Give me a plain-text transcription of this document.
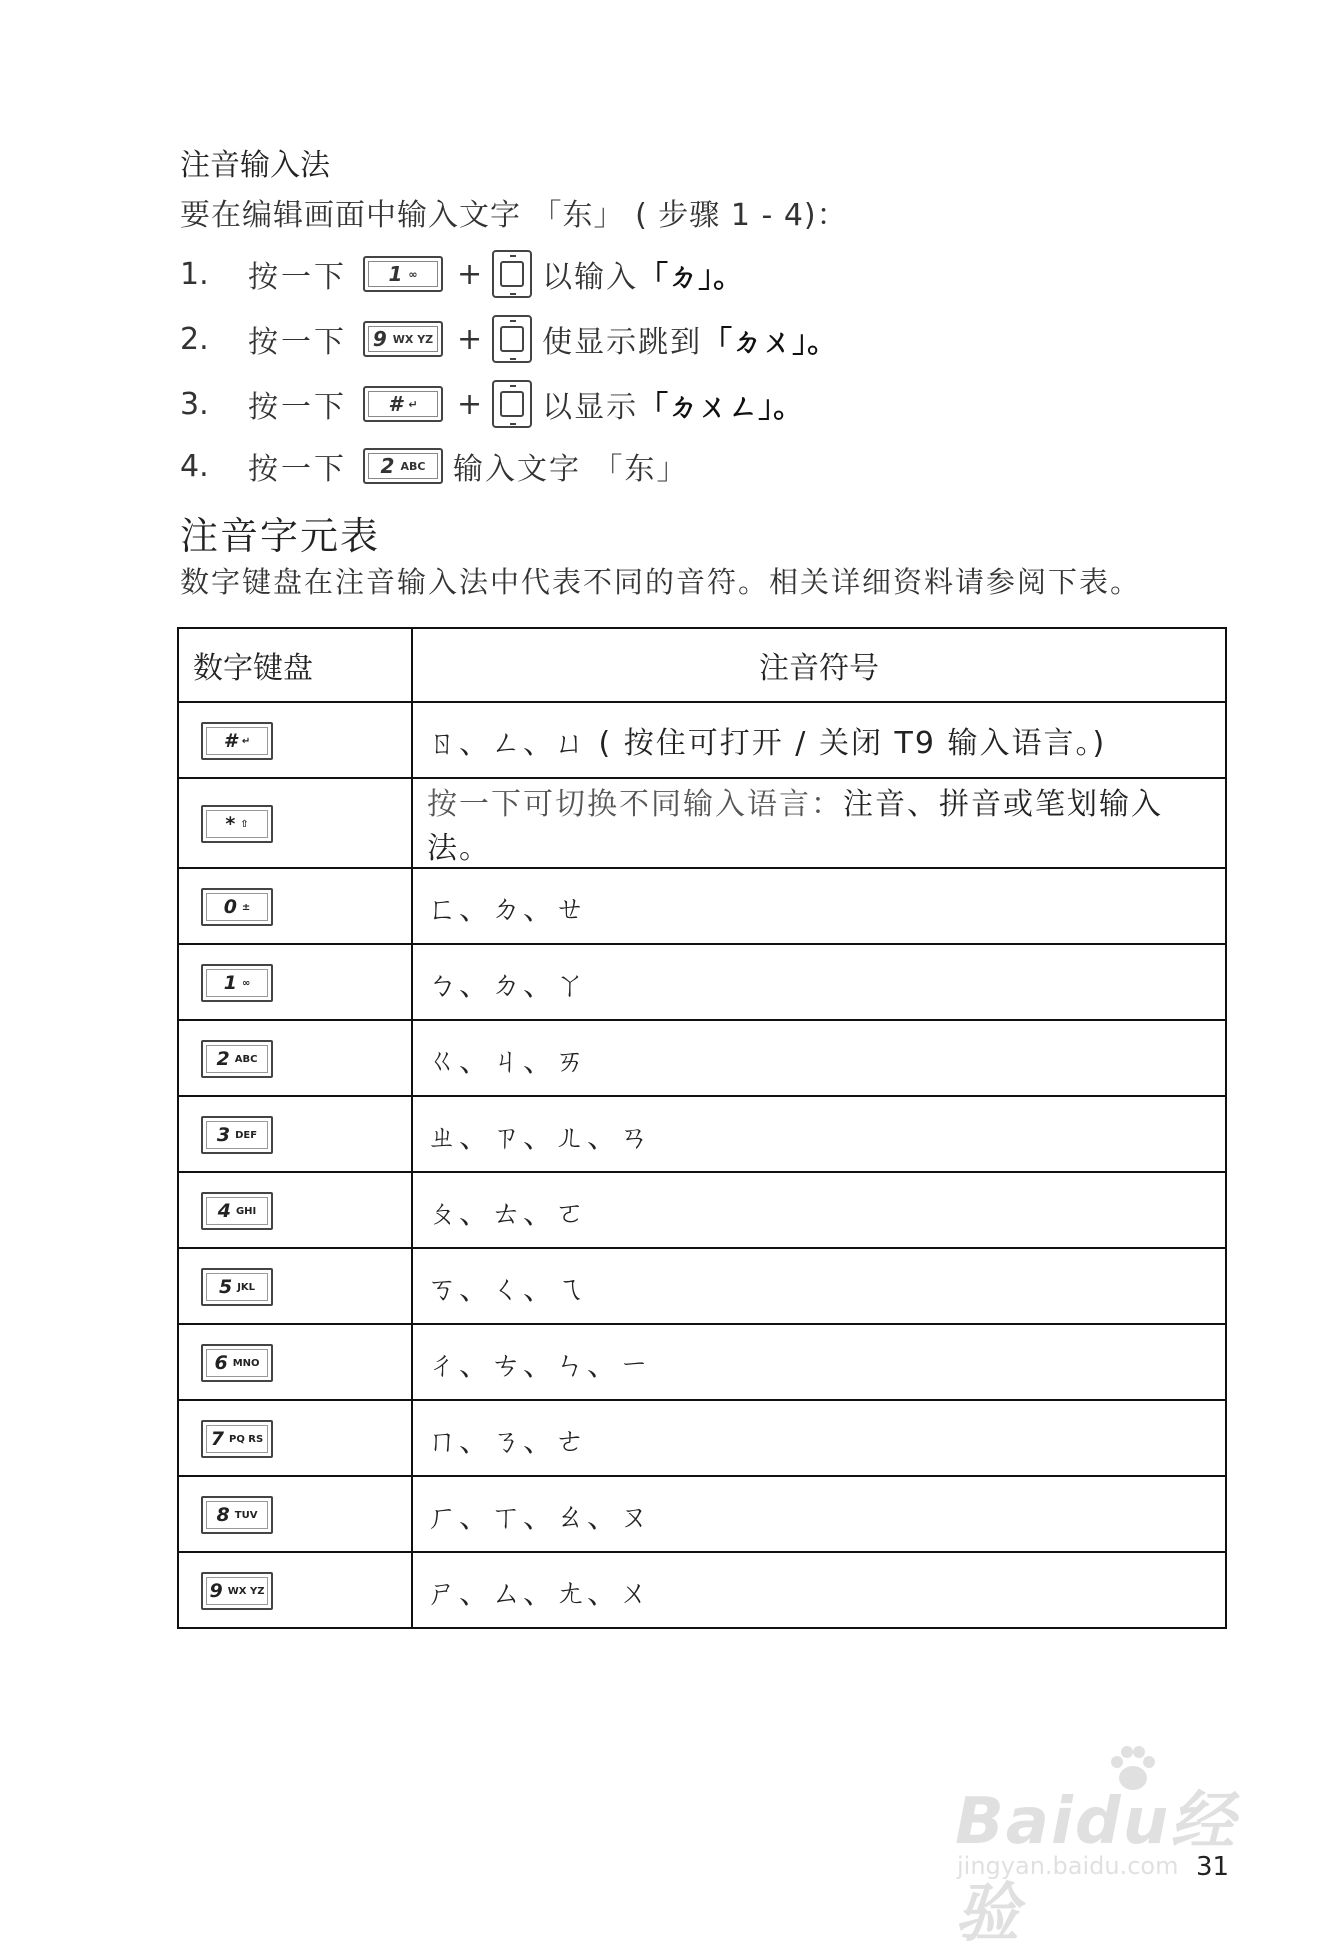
注音输入法
要在编辑画面中输入文字 「东」 ( 步骤 1 - 4)：
1.	按一下 1 ∞ + 以输入 「ㄉ」。
2.	按一下 9 WX YZ + 使显示跳到 「ㄉㄨ」。
3.	按一下 # ↵ + 以显示 「ㄉㄨㄥ」。
4.	按一下 2 ABC 输入文字 「东」
注音字元表
数字键盘在注音输入法中代表不同的音符。相关详细资料请参阅下表。
数字键盘	注音符号

# ↵	ㄖ、ㄥ、ㄩ ( 按住可打开 / 关闭 T9 输入语言。)

* ⇧	按一下可切换不同输入语言：注音、拼音或笔划输入法。

0 ±	ㄈ、ㄉ、ㄝ

1 ∞	ㄅ、ㄉ、ㄚ

2 ABC	ㄍ、ㄐ、ㄞ

3 DEF	ㄓ、ㄗ、ㄦ、ㄢ

4 GHI	ㄆ、ㄊ、ㄛ

5 JKL	ㄎ、ㄑ、ㄟ

6 MNO	ㄔ、ㄘ、ㄣ、ㄧ

7 PQ RS	ㄇ、ㄋ、ㄜ

8 TUV	ㄏ、ㄒ、ㄠ、ㄡ

9 WX YZ	ㄕ、ㄙ、ㄤ、ㄨ
Baidu经验
jingyan.baidu.com 31
